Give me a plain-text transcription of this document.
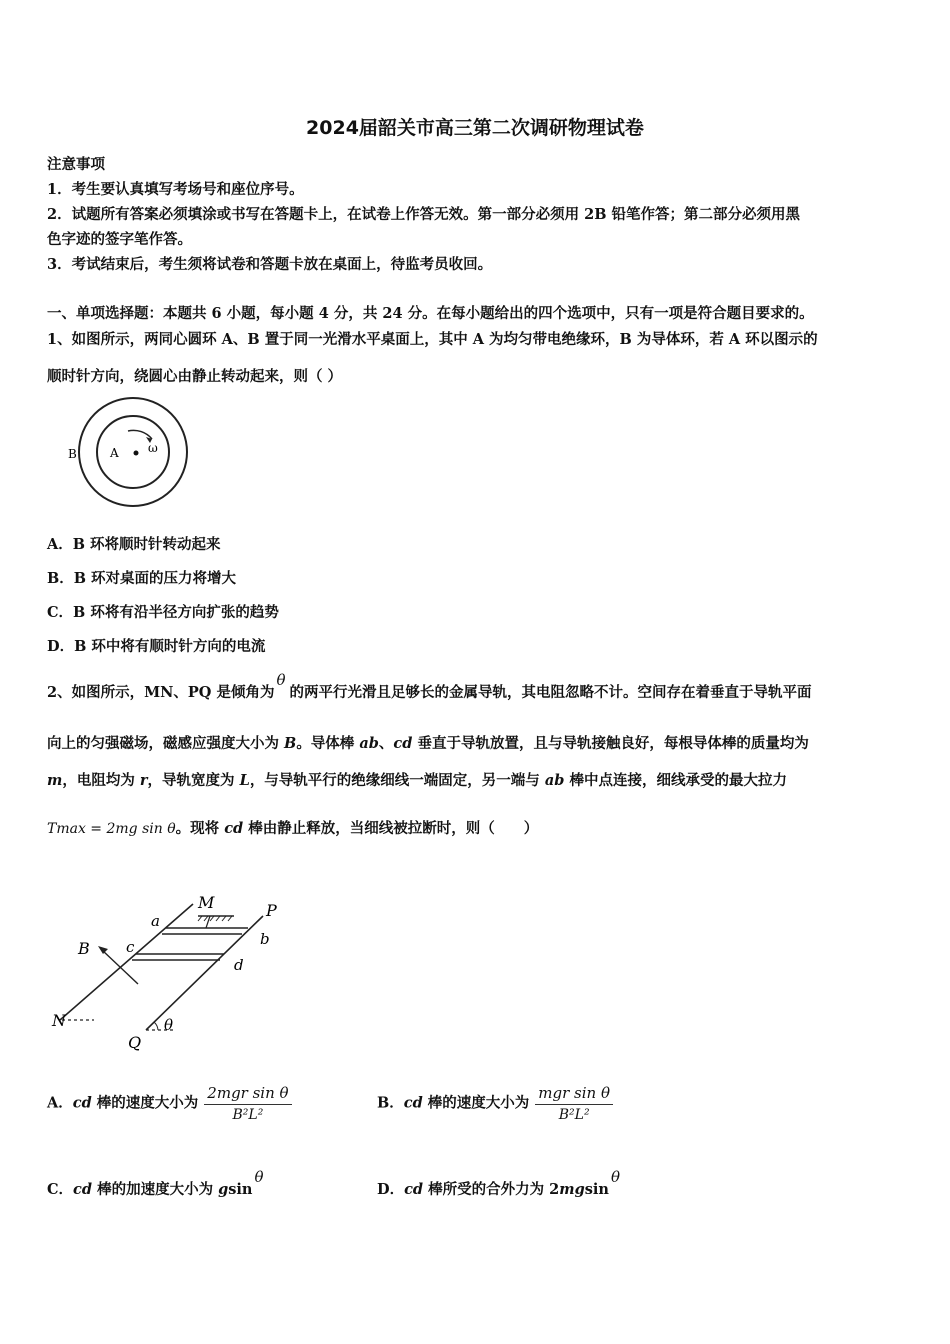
2024届韶关市高三第二次调研物理试卷
注意事项
1．考生要认真填写考场号和座位序号。
2．试题所有答案必须填涂或书写在答题卡上，在试卷上作答无效。第一部分必须用 2B 铅笔作答；第二部分必须用黑
色字迹的签字笔作答。
3．考试结束后，考生须将试卷和答题卡放在桌面上，待监考员收回。
一、单项选择题：本题共 6 小题，每小题 4 分，共 24 分。在每小题给出的四个选项中，只有一项是符合题目要求的。
1、如图所示，两同心圆环 A、B 置于同一光滑水平桌面上，其中 A 为均匀带电绝缘环，B 为导体环，若 A 环以图示的
顺时针方向，绕圆心由静止转动起来，则（ ）
B	A ω
A．B 环将顺时针转动起来
B．B 环对桌面的压力将增大
C．B 环将有沿半径方向扩张的趋势
D．B 环中将有顺时针方向的电流
2、如图所示，MN、PQ 是倾角为θ的两平行光滑且足够长的金属导轨，其电阻忽略不计。空间存在着垂直于导轨平面
向上的匀强磁场，磁感应强度大小为 B。导体棒 ab、cd 垂直于导轨放置，且与导轨接触良好，每根导体棒的质量均为
m，电阻均为 r，导轨宽度为 L，与导轨平行的绝缘细线一端固定，另一端与 ab 棒中点连接，细线承受的最大拉力
Tmax = 2mg sin θ。现将 cd 棒由静止释放，当细线被拉断时，则（　　）
M	P
a
b
c
d
B
N
Q
θ
A．cd 棒的速度大小为 $\frac{\text{2mgr sin θ}}{\text{B²L²}}$	B．cd 棒的速度大小为 $\frac{\text{mgr sin θ}}{\text{B²L²}}$
C．cd 棒的加速度大小为 gsinθ
D．cd 棒所受的合外力为 2mgsinθ
